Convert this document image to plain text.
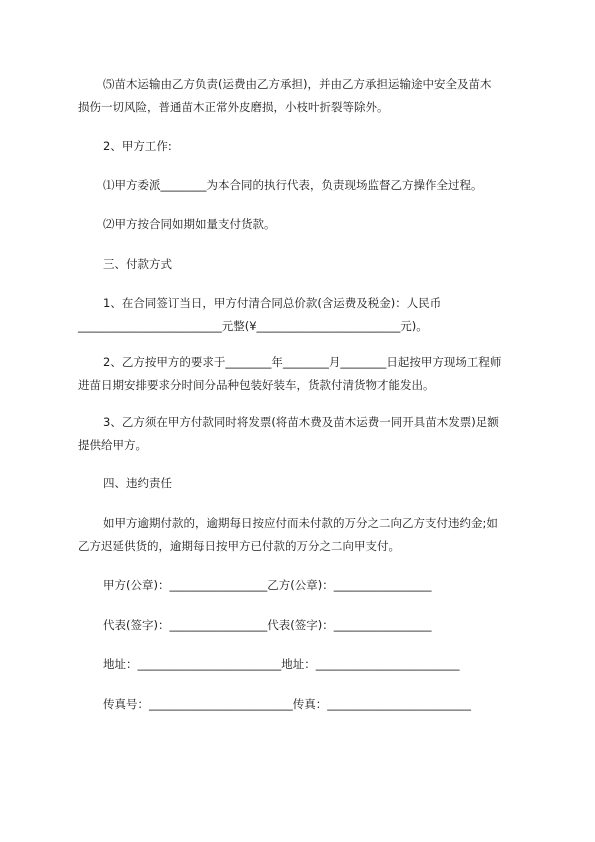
⑸苗木运输由乙方负责(运费由乙方承担)，并由乙方承担运输途中安全及苗木
损伤一切风险，普通苗木正常外皮磨损，小枝叶折裂等除外。
2、甲方工作:
⑴甲方委派________为本合同的执行代表，负责现场监督乙方操作全过程。
⑵甲方按合同如期如量支付货款。
三、付款方式
1、在合同签订当日，甲方付清合同总价款(含运费及税金)：人民币
_________________________元整(¥_________________________元)。
2、乙方按甲方的要求于________年________月________日起按甲方现场工程师
进苗日期安排要求分时间分品种包装好装车，货款付清货物才能发出。
3、乙方须在甲方付款同时将发票(将苗木费及苗木运费一同开具苗木发票)足额
提供给甲方。
四、违约责任
如甲方逾期付款的，逾期每日按应付而未付款的万分之二向乙方支付违约金;如
乙方迟延供货的，逾期每日按甲方已付款的万分之二向甲支付。
甲方(公章)：_________________乙方(公章)：_________________
代表(签字)：_________________代表(签字)：_________________
地址：_________________________地址：_________________________
传真号：_________________________传真：_________________________
